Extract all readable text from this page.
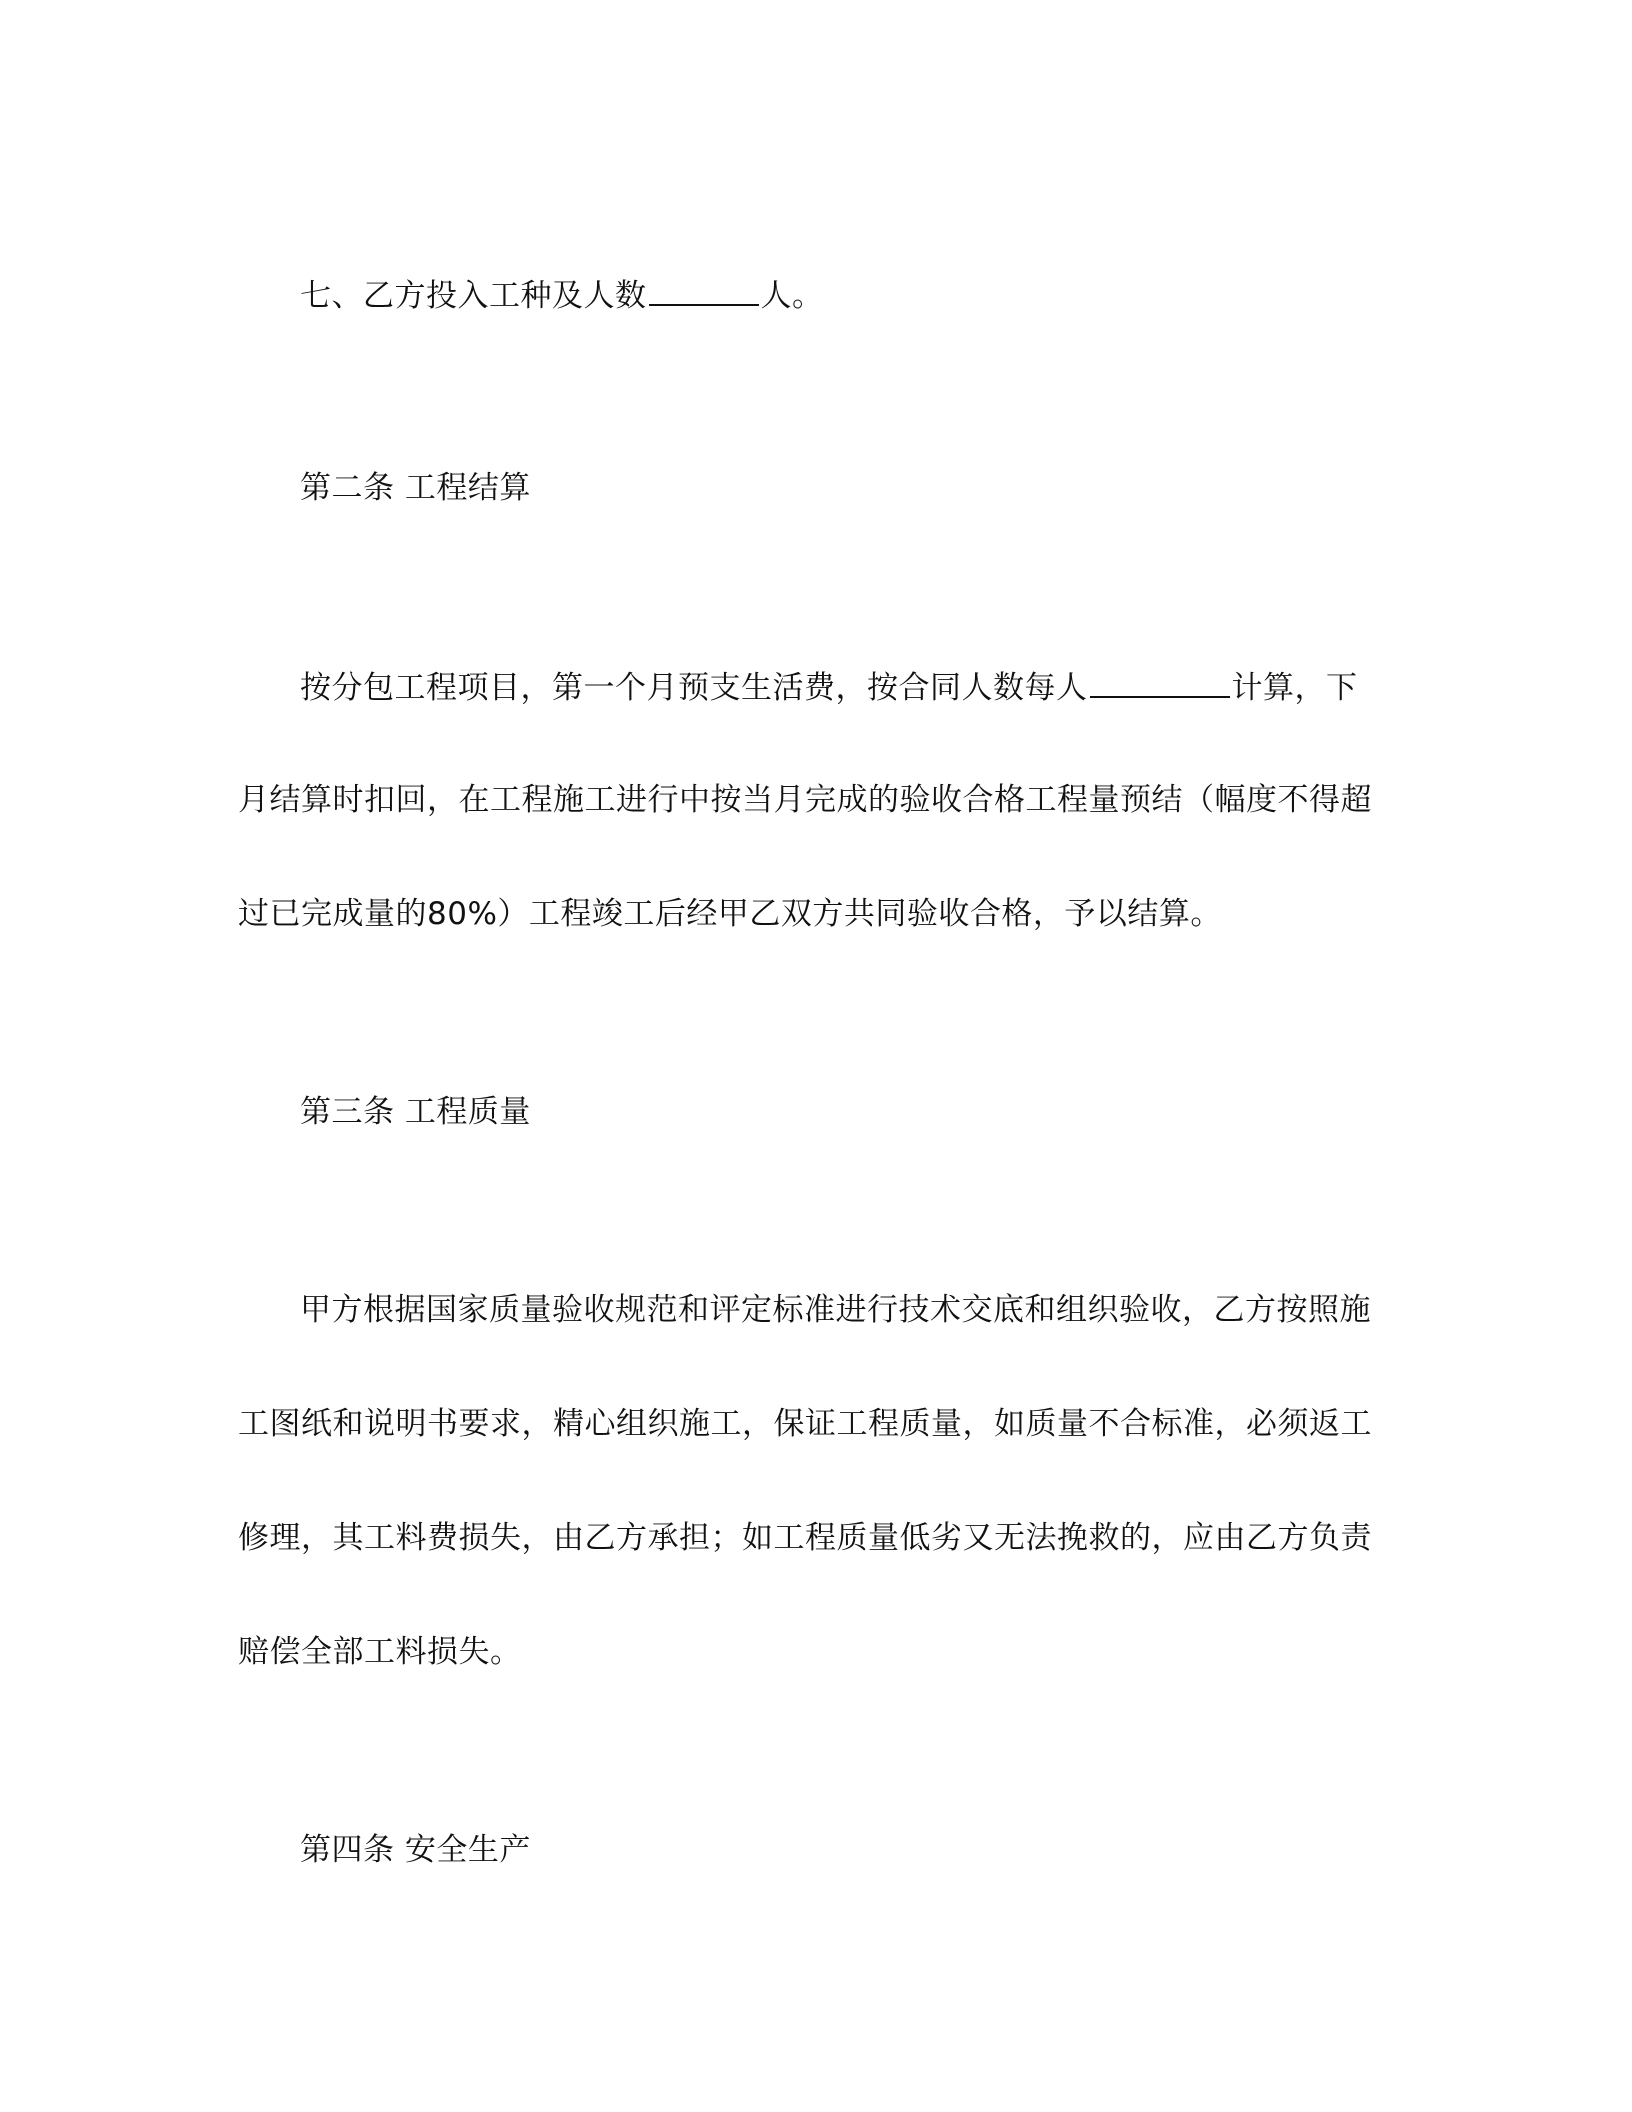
七、乙方投入工种及人数	人。
第二条 工程结算
按分包工程项目，第一个月预支生活费，按合同人数每人	计算，下
月结算时扣回，在工程施工进行中按当月完成的验收合格工程量预结（幅度不得超
过已完成量的80%）工程竣工后经甲乙双方共同验收合格，予以结算。
第三条 工程质量
甲方根据国家质量验收规范和评定标准进行技术交底和组织验收，乙方按照施
工图纸和说明书要求，精心组织施工，保证工程质量，如质量不合标准，必须返工
修理，其工料费损失，由乙方承担；如工程质量低劣又无法挽救的，应由乙方负责
赔偿全部工料损失。
第四条 安全生产
